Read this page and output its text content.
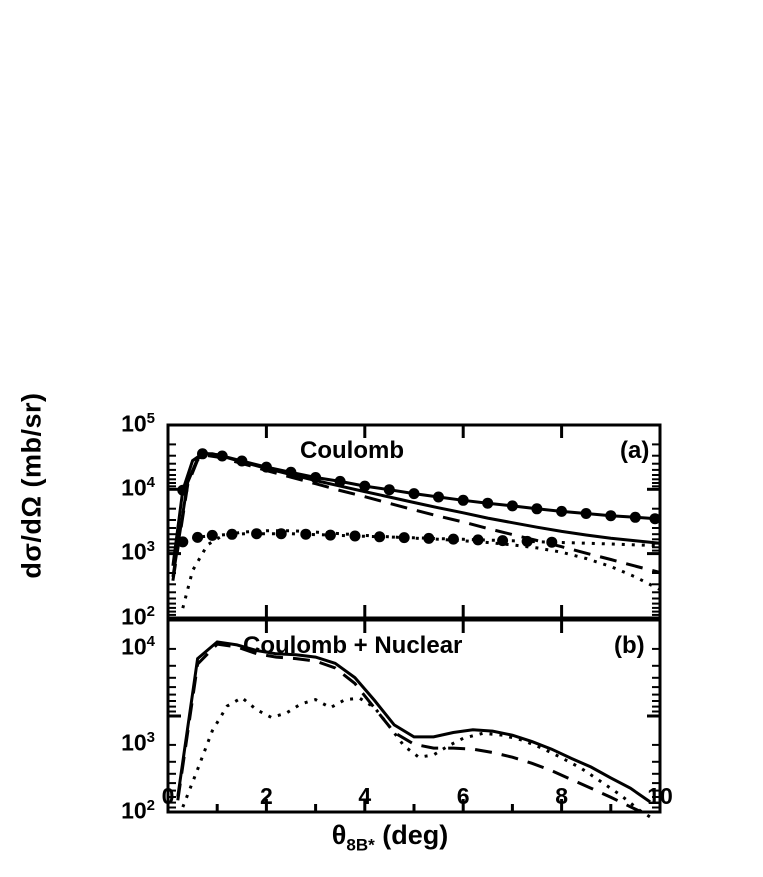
dσ/dΩ (mb/sr)
$\theta_{8B*}$ (deg)
Coulomb	(a)
Coulomb + Nuclear	(b)
$10^5$
$10^4$
$10^3$
$10^2$
$10^4$
$10^3$
$10^2$ 0	2	4	6	8	10
